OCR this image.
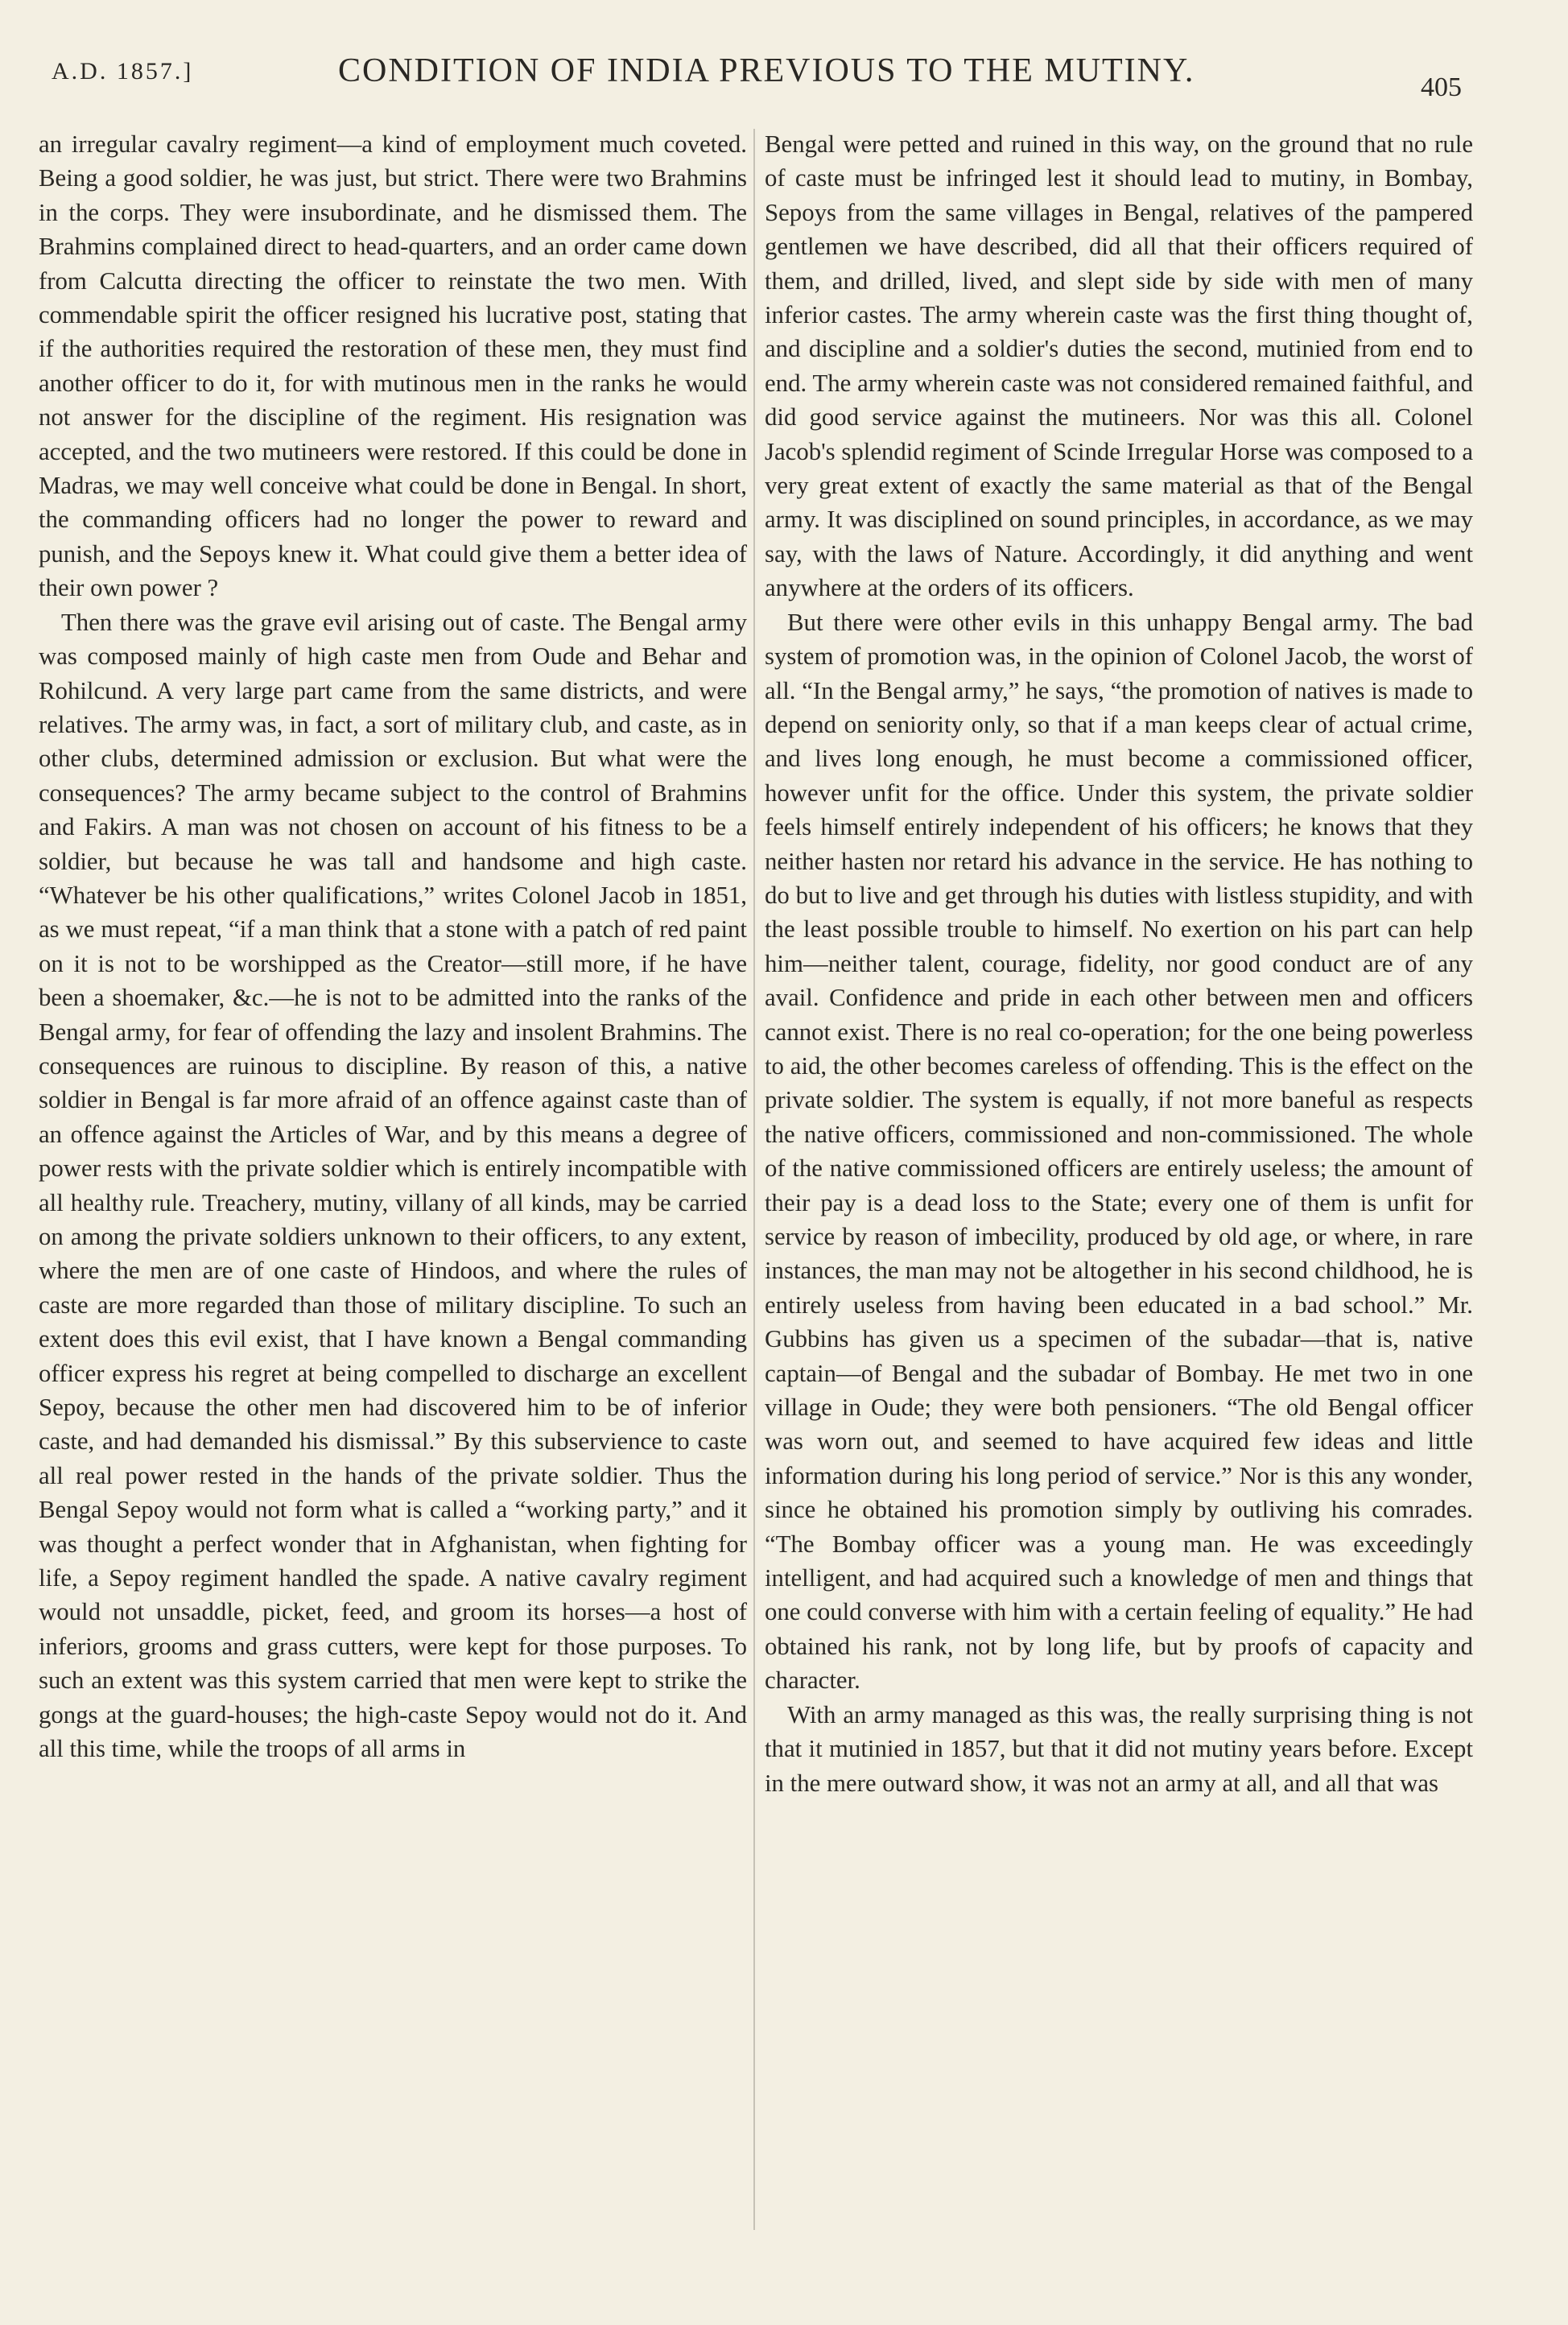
A.D. 1857.]	CONDITION OF INDIA PREVIOUS TO THE MUTINY.	405

an irregular cavalry regiment—a kind of employment much coveted. Being a good soldier, he was just, but strict. There were two Brahmins in the corps. They were insubordinate, and he dismissed them. The Brahmins complained direct to head-quarters, and an order came down from Calcutta directing the officer to reinstate the two men. With commendable spirit the officer resigned his lucrative post, stating that if the authorities required the restoration of these men, they must find another officer to do it, for with mutinous men in the ranks he would not answer for the discipline of the regiment. His resignation was accepted, and the two mutineers were restored. If this could be done in Madras, we may well conceive what could be done in Bengal. In short, the commanding officers had no longer the power to reward and punish, and the Sepoys knew it. What could give them a better idea of their own power ?

Then there was the grave evil arising out of caste. The Bengal army was composed mainly of high caste men from Oude and Behar and Rohilcund. A very large part came from the same districts, and were relatives. The army was, in fact, a sort of military club, and caste, as in other clubs, determined admission or exclusion. But what were the consequences? The army became subject to the control of Brahmins and Fakirs. A man was not chosen on account of his fitness to be a soldier, but because he was tall and handsome and high caste. “Whatever be his other qualifications,” writes Colonel Jacob in 1851, as we must repeat, “if a man think that a stone with a patch of red paint on it is not to be worshipped as the Creator—still more, if he have been a shoemaker, &c.—he is not to be admitted into the ranks of the Bengal army, for fear of offending the lazy and insolent Brahmins. The consequences are ruinous to discipline. By reason of this, a native soldier in Bengal is far more afraid of an offence against caste than of an offence against the Articles of War, and by this means a degree of power rests with the private soldier which is entirely incompatible with all healthy rule. Treachery, mutiny, villany of all kinds, may be carried on among the private soldiers unknown to their officers, to any extent, where the men are of one caste of Hindoos, and where the rules of caste are more regarded than those of military discipline. To such an extent does this evil exist, that I have known a Bengal commanding officer express his regret at being compelled to discharge an excellent Sepoy, because the other men had discovered him to be of inferior caste, and had demanded his dismissal.” By this subservience to caste all real power rested in the hands of the private soldier. Thus the Bengal Sepoy would not form what is called a “working party,” and it was thought a perfect wonder that in Afghanistan, when fighting for life, a Sepoy regiment handled the spade. A native cavalry regiment would not unsaddle, picket, feed, and groom its horses—a host of inferiors, grooms and grass cutters, were kept for those purposes. To such an extent was this system carried that men were kept to strike the gongs at the guard-houses; the high-caste Sepoy would not do it. And all this time, while the troops of all arms in

Bengal were petted and ruined in this way, on the ground that no rule of caste must be infringed lest it should lead to mutiny, in Bombay, Sepoys from the same villages in Bengal, relatives of the pampered gentlemen we have described, did all that their officers required of them, and drilled, lived, and slept side by side with men of many inferior castes. The army wherein caste was the first thing thought of, and discipline and a soldier's duties the second, mutinied from end to end. The army wherein caste was not considered remained faithful, and did good service against the mutineers. Nor was this all. Colonel Jacob's splendid regiment of Scinde Irregular Horse was composed to a very great extent of exactly the same material as that of the Bengal army. It was disciplined on sound principles, in accordance, as we may say, with the laws of Nature. Accordingly, it did anything and went anywhere at the orders of its officers.

But there were other evils in this unhappy Bengal army. The bad system of promotion was, in the opinion of Colonel Jacob, the worst of all. “In the Bengal army,” he says, “the promotion of natives is made to depend on seniority only, so that if a man keeps clear of actual crime, and lives long enough, he must become a commissioned officer, however unfit for the office. Under this system, the private soldier feels himself entirely independent of his officers; he knows that they neither hasten nor retard his advance in the service. He has nothing to do but to live and get through his duties with listless stupidity, and with the least possible trouble to himself. No exertion on his part can help him—neither talent, courage, fidelity, nor good conduct are of any avail. Confidence and pride in each other between men and officers cannot exist. There is no real co-operation; for the one being powerless to aid, the other becomes careless of offending. This is the effect on the private soldier. The system is equally, if not more baneful as respects the native officers, commissioned and non-commissioned. The whole of the native commissioned officers are entirely useless; the amount of their pay is a dead loss to the State; every one of them is unfit for service by reason of imbecility, produced by old age, or where, in rare instances, the man may not be altogether in his second childhood, he is entirely useless from having been educated in a bad school.” Mr. Gubbins has given us a specimen of the subadar—that is, native captain—of Bengal and the subadar of Bombay. He met two in one village in Oude; they were both pensioners. “The old Bengal officer was worn out, and seemed to have acquired few ideas and little information during his long period of service.” Nor is this any wonder, since he obtained his promotion simply by outliving his comrades. “The Bombay officer was a young man. He was exceedingly intelligent, and had acquired such a knowledge of men and things that one could converse with him with a certain feeling of equality.” He had obtained his rank, not by long life, but by proofs of capacity and character.

With an army managed as this was, the really surprising thing is not that it mutinied in 1857, but that it did not mutiny years before. Except in the mere outward show, it was not an army at all, and all that was
